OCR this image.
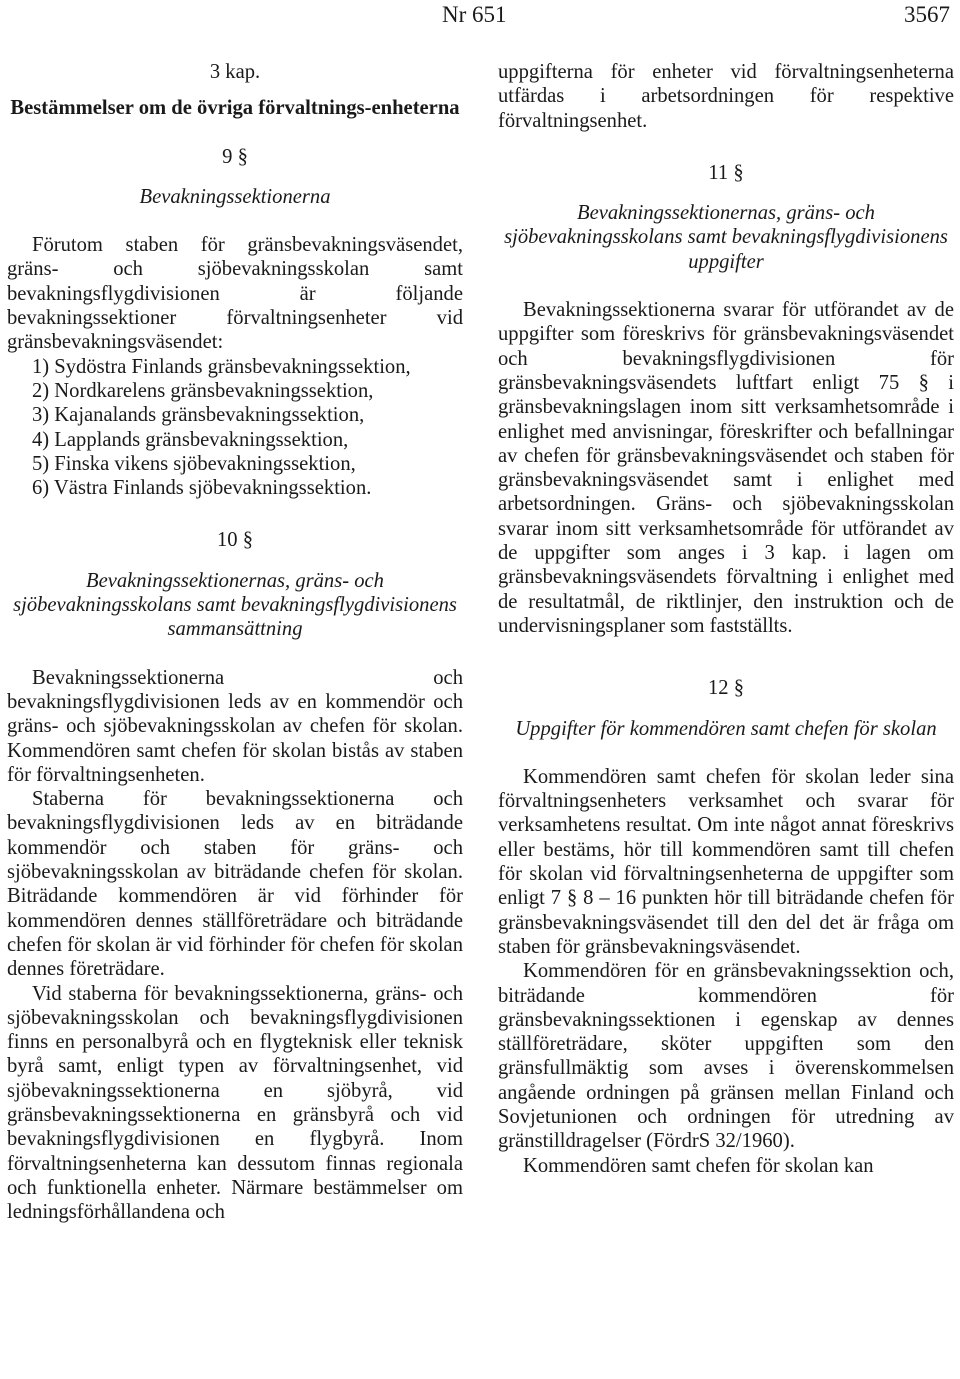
Nr 651	3567

3 kap.

Bestämmelser om de övriga förvaltnings-enheterna

9 §

Bevakningssektionerna

Förutom staben för gränsbevakningsväsendet, gräns- och sjöbevakningsskolan samt bevakningsflygdivisionen är följande bevakningssektioner förvaltningsenheter vid gränsbevakningsväsendet:

1) Sydöstra Finlands gränsbevakningssektion,
2) Nordkarelens gränsbevakningssektion,
3) Kajanalands gränsbevakningssektion,
4) Lapplands gränsbevakningssektion,
5) Finska vikens sjöbevakningssektion,
6) Västra Finlands sjöbevakningssektion.

10 §

Bevakningssektionernas, gräns- och sjöbevakningsskolans samt bevakningsflygdivisionens sammansättning

Bevakningssektionerna och bevakningsflygdivisionen leds av en kommendör och gräns- och sjöbevakningsskolan av chefen för skolan. Kommendören samt chefen för skolan bistås av staben för förvaltningsenheten.

Staberna för bevakningssektionerna och bevakningsflygdivisionen leds av en biträdande kommendör och staben för gräns- och sjöbevakningsskolan av biträdande chefen för skolan. Biträdande kommendören är vid förhinder för kommendören dennes ställföreträdare och biträdande chefen för skolan är vid förhinder för chefen för skolan dennes företrädare.

Vid staberna för bevakningssektionerna, gräns- och sjöbevakningsskolan och bevakningsflygdivisionen finns en personalbyrå och en flygteknisk eller teknisk byrå samt, enligt typen av förvaltningsenhet, vid sjöbevakningssektionerna en sjöbyrå, vid gränsbevakningssektionerna en gränsbyrå och vid bevakningsflygdivisionen en flygbyrå. Inom förvaltningsenheterna kan dessutom finnas regionala och funktionella enheter. Närmare bestämmelser om ledningsförhållandena och

uppgifterna för enheter vid förvaltningsenheterna utfärdas i arbetsordningen för respektive förvaltningsenhet.

11 §

Bevakningssektionernas, gräns- och sjöbevakningsskolans samt bevakningsflygdivisionens uppgifter

Bevakningssektionerna svarar för utförandet av de uppgifter som föreskrivs för gränsbevakningsväsendet och bevakningsflygdivisionen för gränsbevakningsväsendets luftfart enligt 75 § i gränsbevakningslagen inom sitt verksamhetsområde i enlighet med anvisningar, föreskrifter och befallningar av chefen för gränsbevakningsväsendet och staben för gränsbevakningsväsendet samt i enlighet med arbetsordningen. Gräns- och sjöbevakningsskolan svarar inom sitt verksamhetsområde för utförandet av de uppgifter som anges i 3 kap. i lagen om gränsbevakningsväsendets förvaltning i enlighet med de resultatmål, de riktlinjer, den instruktion och de undervisningsplaner som fastställts.

12 §

Uppgifter för kommendören samt chefen för skolan

Kommendören samt chefen för skolan leder sina förvaltningsenheters verksamhet och svarar för verksamhetens resultat. Om inte något annat föreskrivs eller bestäms, hör till kommendören samt till chefen för skolan vid förvaltningsenheterna de uppgifter som enligt 7 § 8 – 16 punkten hör till biträdande chefen för gränsbevakningsväsendet till den del det är fråga om staben för gränsbevakningsväsendet.

Kommendören för en gränsbevakningssektion och, biträdande kommendören för gränsbevakningssektionen i egenskap av dennes ställföreträdare, sköter uppgiften som den gränsfullmäktig som avses i överenskommelsen angående ordningen på gränsen mellan Finland och Sovjetunionen och ordningen för utredning av gränstilldragelser (FördrS 32/1960).

Kommendören samt chefen för skolan kan
